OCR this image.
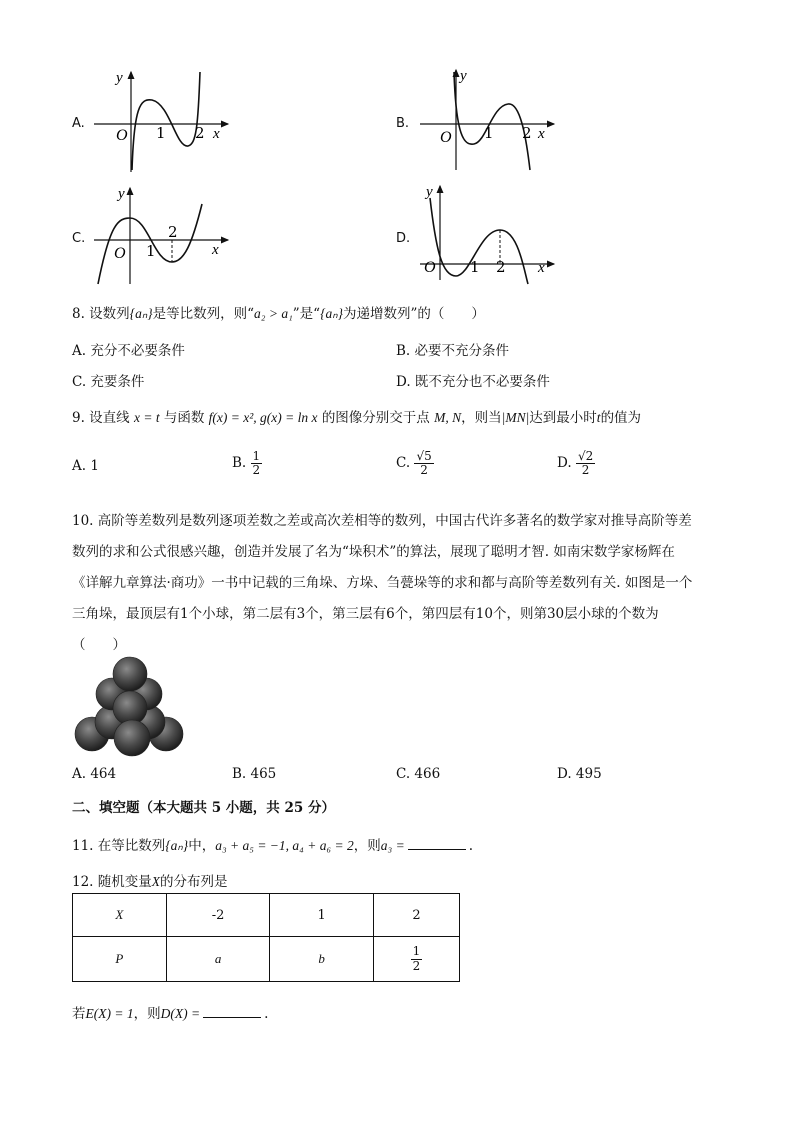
A.
y
O 1 2 x
B.
y
O 1 2 x
C.
y
O 1
2
x
D.
y
O 1 2 x
8. 设数列{aₙ}是等比数列，则“a₂ > a₁”是“{aₙ}为递增数列”的（　　）
A. 充分不必要条件	B. 必要不充分条件
C. 充要条件	D. 既不充分也不必要条件
9. 设直线 x = t 与函数 f(x) = x², g(x) = ln x 的图像分别交于点 M, N，则当|MN|达到最小时t的值为
A. 1	B. $\frac{1}{2}$	C. $\frac{√5}{2}$	D. $\frac{√2}{2}$
10. 高阶等差数列是数列逐项差数之差或高次差相等的数列，中国古代许多著名的数学家对推导高阶等差
数列的求和公式很感兴趣，创造并发展了名为“垛积术”的算法，展现了聪明才智. 如南宋数学家杨辉在
《详解九章算法·商功》一书中记载的三角垛、方垛、刍甍垛等的求和都与高阶等差数列有关. 如图是一个
三角垛，最顶层有1个小球，第二层有3个，第三层有6个，第四层有10个，则第30层小球的个数为
（　　）
A. 464	B. 465	C. 466	D. 495
二、填空题（本大题共 5 小题，共 25 分）
11. 在等比数列{aₙ}中，a₃ + a₅ = −1, a₄ + a₆ = 2，则a₃ =	.
12. 随机变量X的分布列是
X	-2	1	2
P	a	b	$\frac{1}{2}$
若E(X) = 1，则D(X) =	.
